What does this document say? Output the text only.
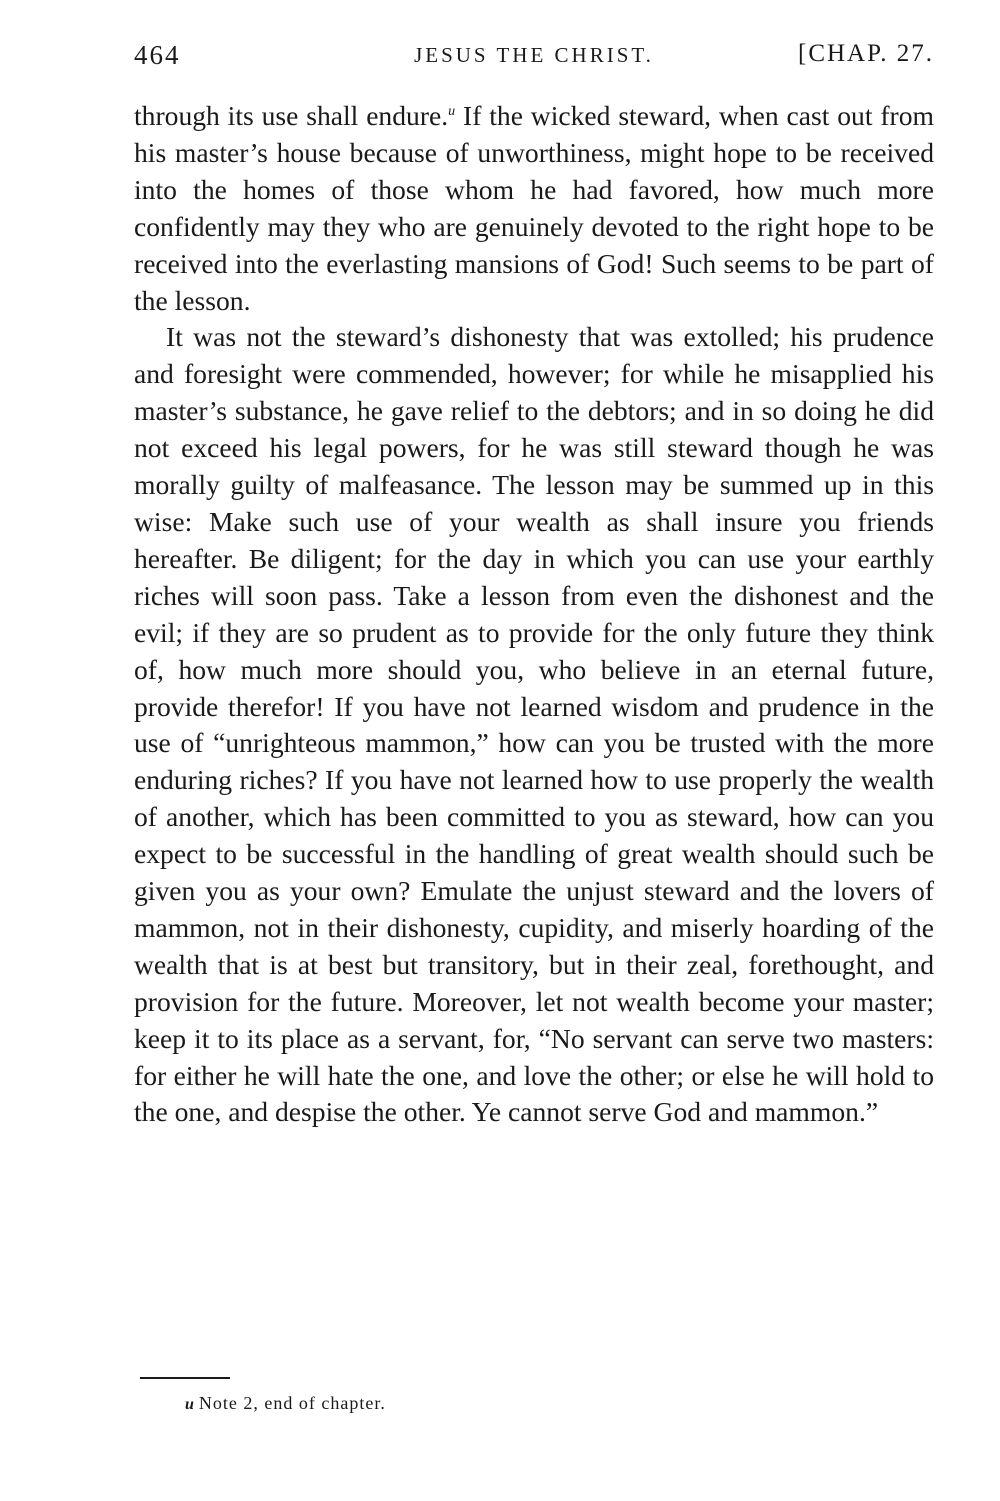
464	JESUS THE CHRIST.	[CHAP. 27.

through its use shall endure.$^u$ If the wicked steward, when cast out from his master’s house because of unworthiness, might hope to be received into the homes of those whom he had favored, how much more confidently may they who are genuinely devoted to the right hope to be received into the everlasting mansions of God! Such seems to be part of the lesson.

It was not the steward’s dishonesty that was extolled; his prudence and foresight were commended, however; for while he misapplied his master’s substance, he gave relief to the debtors; and in so doing he did not exceed his legal powers, for he was still steward though he was morally guilty of malfeasance. The lesson may be summed up in this wise: Make such use of your wealth as shall insure you friends hereafter. Be diligent; for the day in which you can use your earthly riches will soon pass. Take a lesson from even the dishonest and the evil; if they are so prudent as to provide for the only future they think of, how much more should you, who believe in an eternal future, provide therefor! If you have not learned wisdom and prudence in the use of “unrighteous mammon,” how can you be trusted with the more enduring riches? If you have not learned how to use properly the wealth of another, which has been committed to you as steward, how can you expect to be successful in the handling of great wealth should such be given you as your own? Emulate the unjust steward and the lovers of mammon, not in their dishonesty, cupidity, and miserly hoarding of the wealth that is at best but transitory, but in their zeal, forethought, and provision for the future. Moreover, let not wealth become your master; keep it to its place as a servant, for, “No servant can serve two masters: for either he will hate the one, and love the other; or else he will hold to the one, and despise the other. Ye cannot serve God and mammon.”

u Note 2, end of chapter.
